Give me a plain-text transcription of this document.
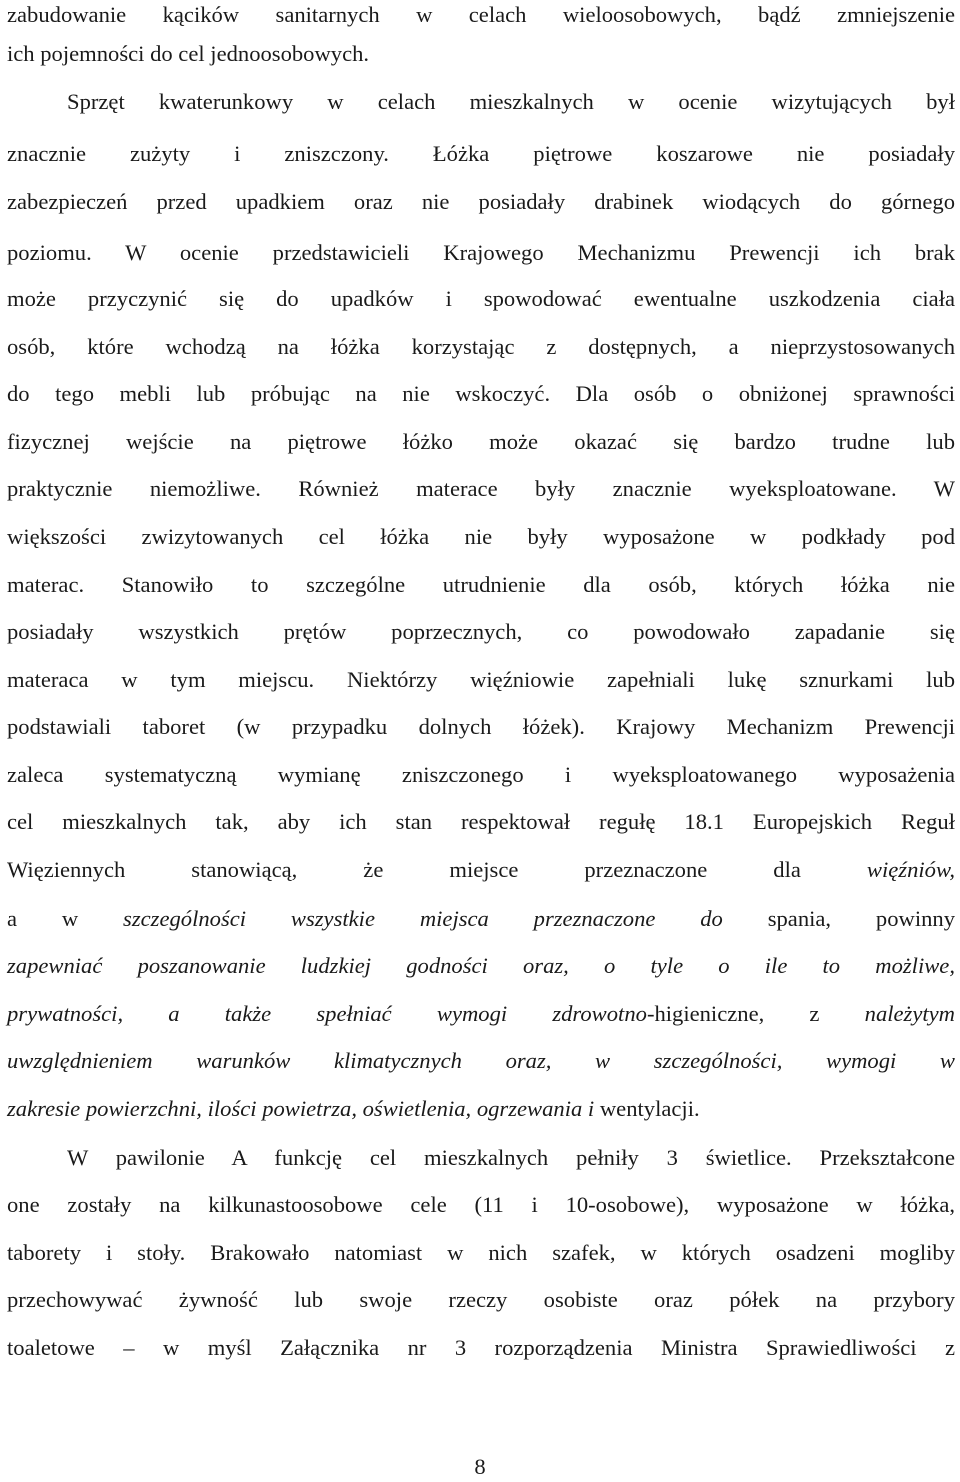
zabudowanie kącików sanitarnych w celach wieloosobowych, bądź zmniejszenie
ich pojemności do cel jednoosobowych.
Sprzęt kwaterunkowy w celach mieszkalnych w ocenie wizytujących był
znacznie zużyty i zniszczony. Łóżka piętrowe koszarowe nie posiadały
zabezpieczeń przed upadkiem oraz nie posiadały drabinek wiodących do górnego
poziomu. W ocenie przedstawicieli Krajowego Mechanizmu Prewencji ich brak
może przyczynić się do upadków i spowodować ewentualne uszkodzenia ciała
osób, które wchodzą na łóżka korzystając z dostępnych, a nieprzystosowanych
do tego mebli lub próbując na nie wskoczyć. Dla osób o obniżonej sprawności
fizycznej wejście na piętrowe łóżko może okazać się bardzo trudne lub
praktycznie niemożliwe. Również materace były znacznie wyeksploatowane. W
większości zwizytowanych cel łóżka nie były wyposażone w podkłady pod
materac. Stanowiło to szczególne utrudnienie dla osób, których łóżka nie
posiadały wszystkich prętów poprzecznych, co powodowało zapadanie się
materaca w tym miejscu. Niektórzy więźniowie zapełniali lukę sznurkami lub
podstawiali taboret (w przypadku dolnych łóżek). Krajowy Mechanizm Prewencji
zaleca systematyczną wymianę zniszczonego i wyeksploatowanego wyposażenia
cel mieszkalnych tak, aby ich stan respektował regułę 18.1 Europejskich Reguł
Więziennych stanowiącą, że miejsce przeznaczone dla więźniów,
a w szczególności wszystkie miejsca przeznaczone do spania, powinny
zapewniać poszanowanie ludzkiej godności oraz, o tyle o ile to możliwe,
prywatności, a także spełniać wymogi zdrowotno-higieniczne, z należytym
uwzględnieniem warunków klimatycznych oraz, w szczególności, wymogi w
zakresie powierzchni, ilości powietrza, oświetlenia, ogrzewania i wentylacji.
W pawilonie A funkcję cel mieszkalnych pełniły 3 świetlice. Przekształcone
one zostały na kilkunastoosobowe cele (11 i 10-osobowe), wyposażone w łóżka,
taborety i stoły. Brakowało natomiast w nich szafek, w których osadzeni mogliby
przechowywać żywność lub swoje rzeczy osobiste oraz półek na przybory
toaletowe – w myśl Załącznika nr 3 rozporządzenia Ministra Sprawiedliwości z
8
